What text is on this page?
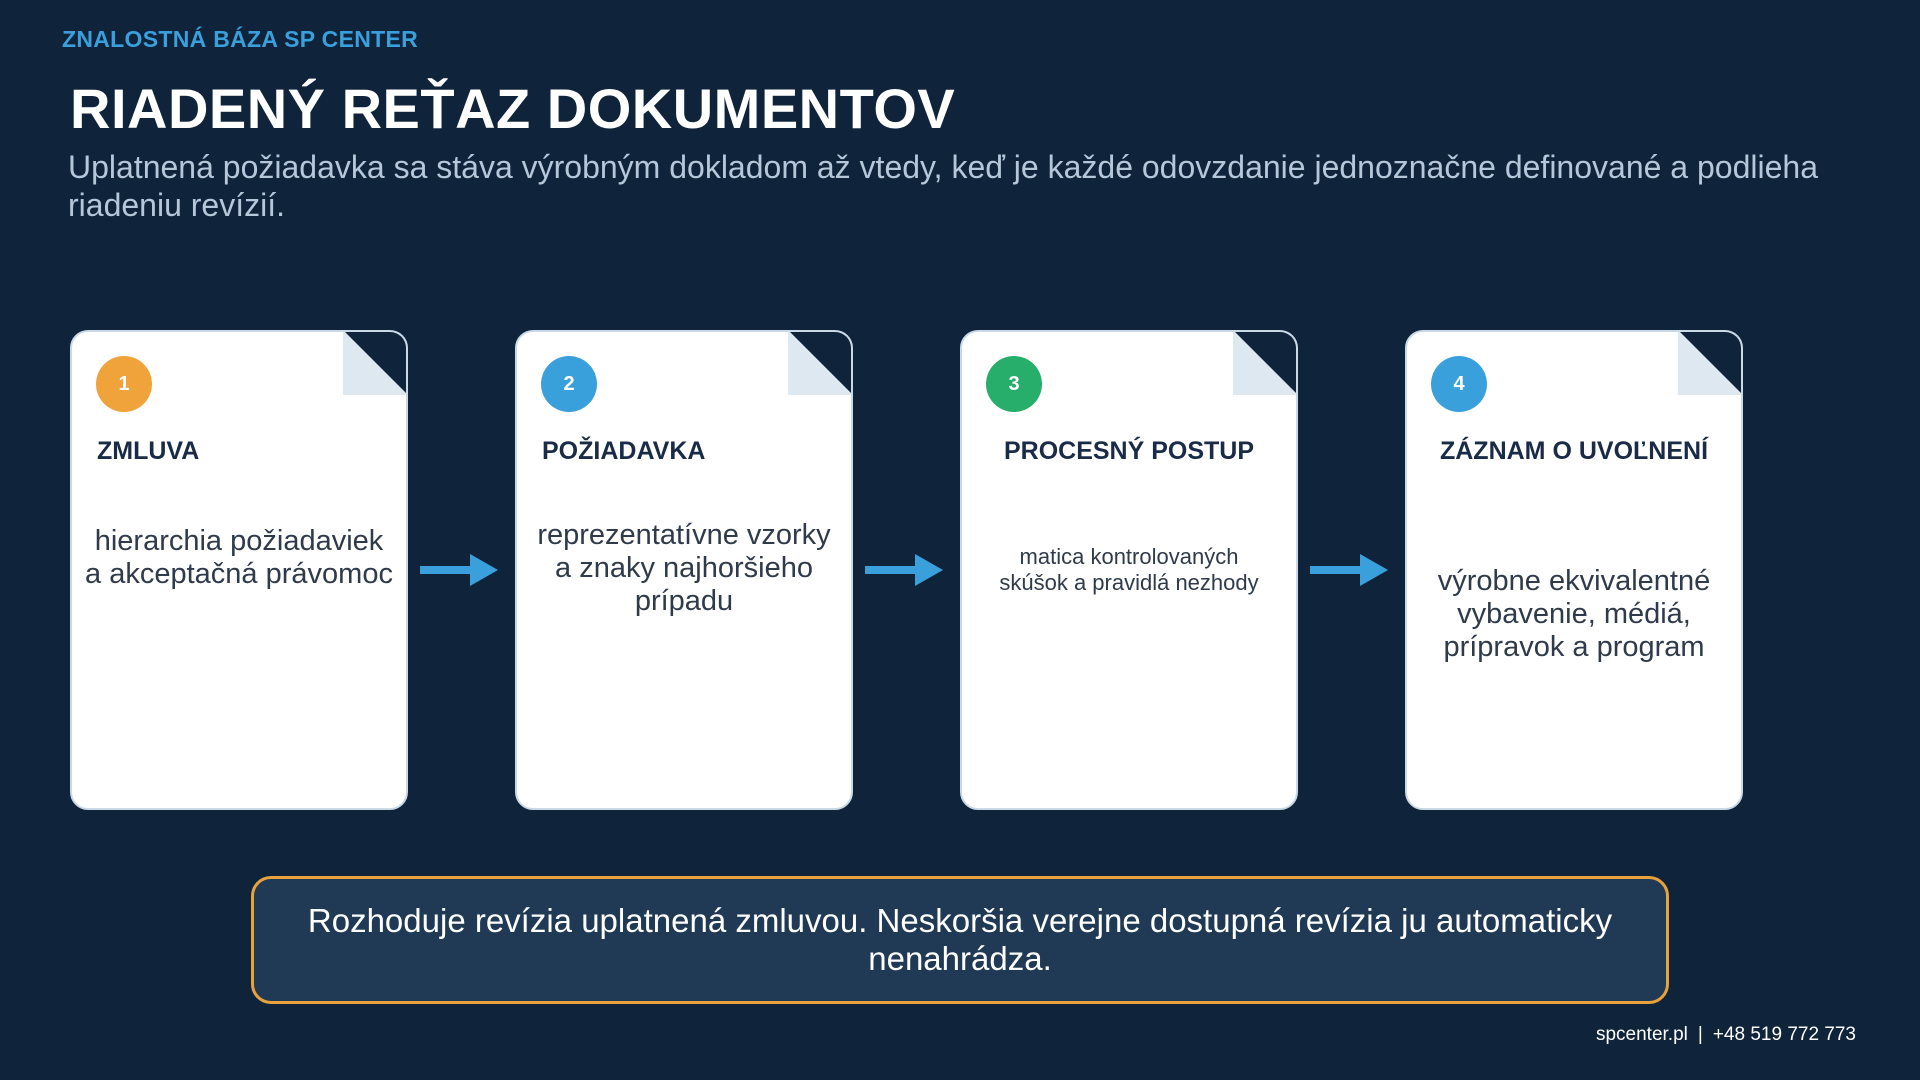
ZNALOSTNÁ BÁZA SP CENTER
RIADENÝ REŤAZ DOKUMENTOV
Uplatnená požiadavka sa stáva výrobným dokladom až vtedy, keď je každé odovzdanie jednoznačne definované a podlieha riadeniu revízií.
1
ZMLUVA
hierarchia požiadaviek a akceptačná právomoc
2
POŽIADAVKA
reprezentatívne vzorky a znaky najhoršieho prípadu
3
PROCESNÝ POSTUP
matica kontrolovaných skúšok a pravidlá nezhody
4
ZÁZNAM O UVOĽNENÍ
výrobne ekvivalentné vybavenie, médiá, prípravok a program
Rozhoduje revízia uplatnená zmluvou. Neskoršia verejne dostupná revízia ju automaticky nenahrádza.
spcenter.pl | +48 519 772 773
